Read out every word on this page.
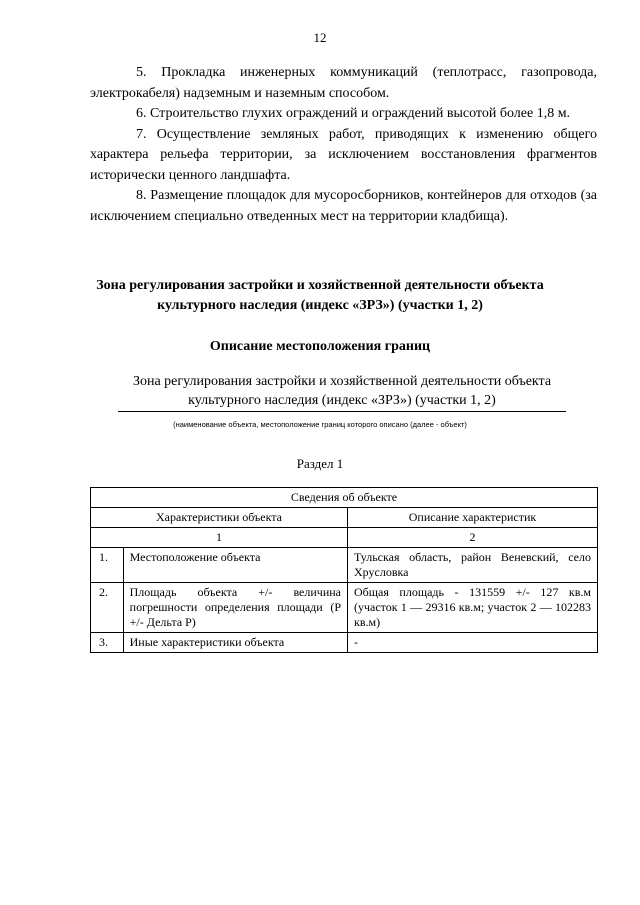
12

5. Прокладка инженерных коммуникаций (теплотрасс, газопровода, электрокабеля) надземным и наземным способом.

6. Строительство глухих ограждений и ограждений высотой более 1,8 м.

7. Осуществление земляных работ, приводящих к изменению общего характера рельефа территории, за исключением восстановления фрагментов исторически ценного ландшафта.

8. Размещение площадок для мусоросборников, контейнеров для отходов (за исключением специально отведенных мест на территории кладбища).

Зона регулирования застройки и хозяйственной деятельности объекта культурного наследия (индекс «ЗРЗ») (участки 1, 2)
Описание местоположения границ
Зона регулирования застройки и хозяйственной деятельности объекта культурного наследия (индекс «ЗРЗ») (участки 1, 2)
(наименование объекта, местоположение границ которого описано (далее - объект)
Раздел 1
Сведения об объекте		
Характеристики объекта		Описание характеристик
1		2
1.	Местоположение объекта	Тульская область, район Веневский, село Хрусловка
2.	Площадь объекта +/- величина погрешности определения площади (P +/- Дельта P)	Общая площадь - 131559 +/- 127 кв.м (участок 1 — 29316 кв.м; участок 2 — 102283 кв.м)
3.	Иные характеристики объекта	-
